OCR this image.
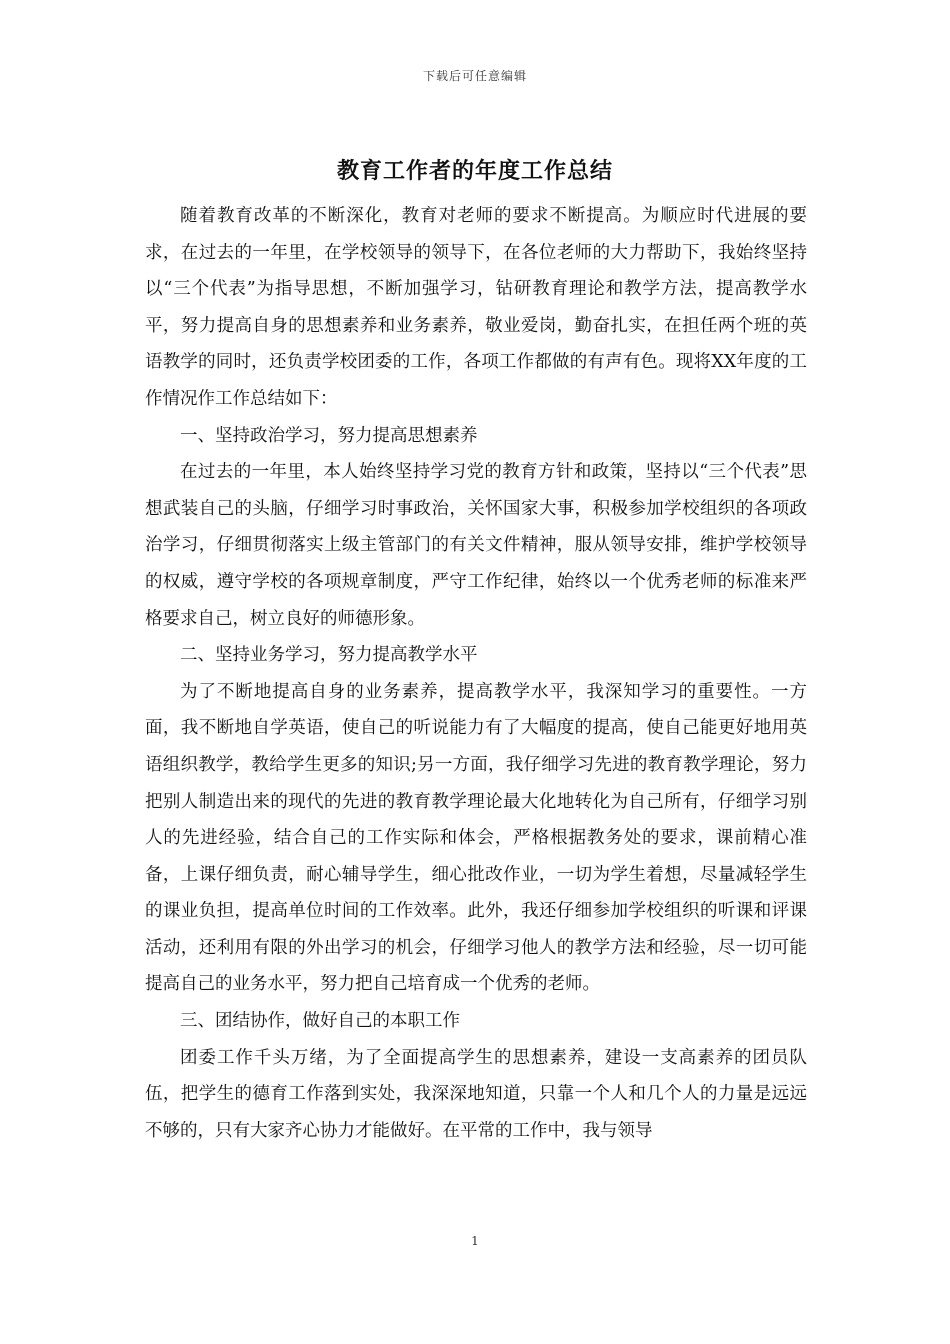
下载后可任意编辑
教育工作者的年度工作总结

随着教育改革的不断深化，教育对老师的要求不断提高。为顺应时代进展的要求，在过去的一年里，在学校领导的领导下，在各位老师的大力帮助下，我始终坚持以“三个代表”为指导思想，不断加强学习，钻研教育理论和教学方法，提高教学水平，努力提高自身的思想素养和业务素养，敬业爱岗，勤奋扎实，在担任两个班的英语教学的同时，还负责学校团委的工作，各项工作都做的有声有色。现将XX年度的工作情况作工作总结如下：

一、坚持政治学习，努力提高思想素养

在过去的一年里，本人始终坚持学习党的教育方针和政策，坚持以“三个代表”思想武装自己的头脑，仔细学习时事政治，关怀国家大事，积极参加学校组织的各项政治学习，仔细贯彻落实上级主管部门的有关文件精神，服从领导安排，维护学校领导的权威，遵守学校的各项规章制度，严守工作纪律，始终以一个优秀老师的标准来严格要求自己，树立良好的师德形象。

二、坚持业务学习，努力提高教学水平

为了不断地提高自身的业务素养，提高教学水平，我深知学习的重要性。一方面，我不断地自学英语，使自己的听说能力有了大幅度的提高，使自己能更好地用英语组织教学，教给学生更多的知识;另一方面，我仔细学习先进的教育教学理论，努力把别人制造出来的现代的先进的教育教学理论最大化地转化为自己所有，仔细学习别人的先进经验，结合自己的工作实际和体会，严格根据教务处的要求，课前精心准备，上课仔细负责，耐心辅导学生，细心批改作业，一切为学生着想，尽量减轻学生的课业负担，提高单位时间的工作效率。此外，我还仔细参加学校组织的听课和评课活动，还利用有限的外出学习的机会，仔细学习他人的教学方法和经验，尽一切可能提高自己的业务水平，努力把自己培育成一个优秀的老师。

三、团结协作，做好自己的本职工作

团委工作千头万绪，为了全面提高学生的思想素养，建设一支高素养的团员队伍，把学生的德育工作落到实处，我深深地知道，只靠一个人和几个人的力量是远远不够的，只有大家齐心协力才能做好。在平常的工作中，我与领导

1
